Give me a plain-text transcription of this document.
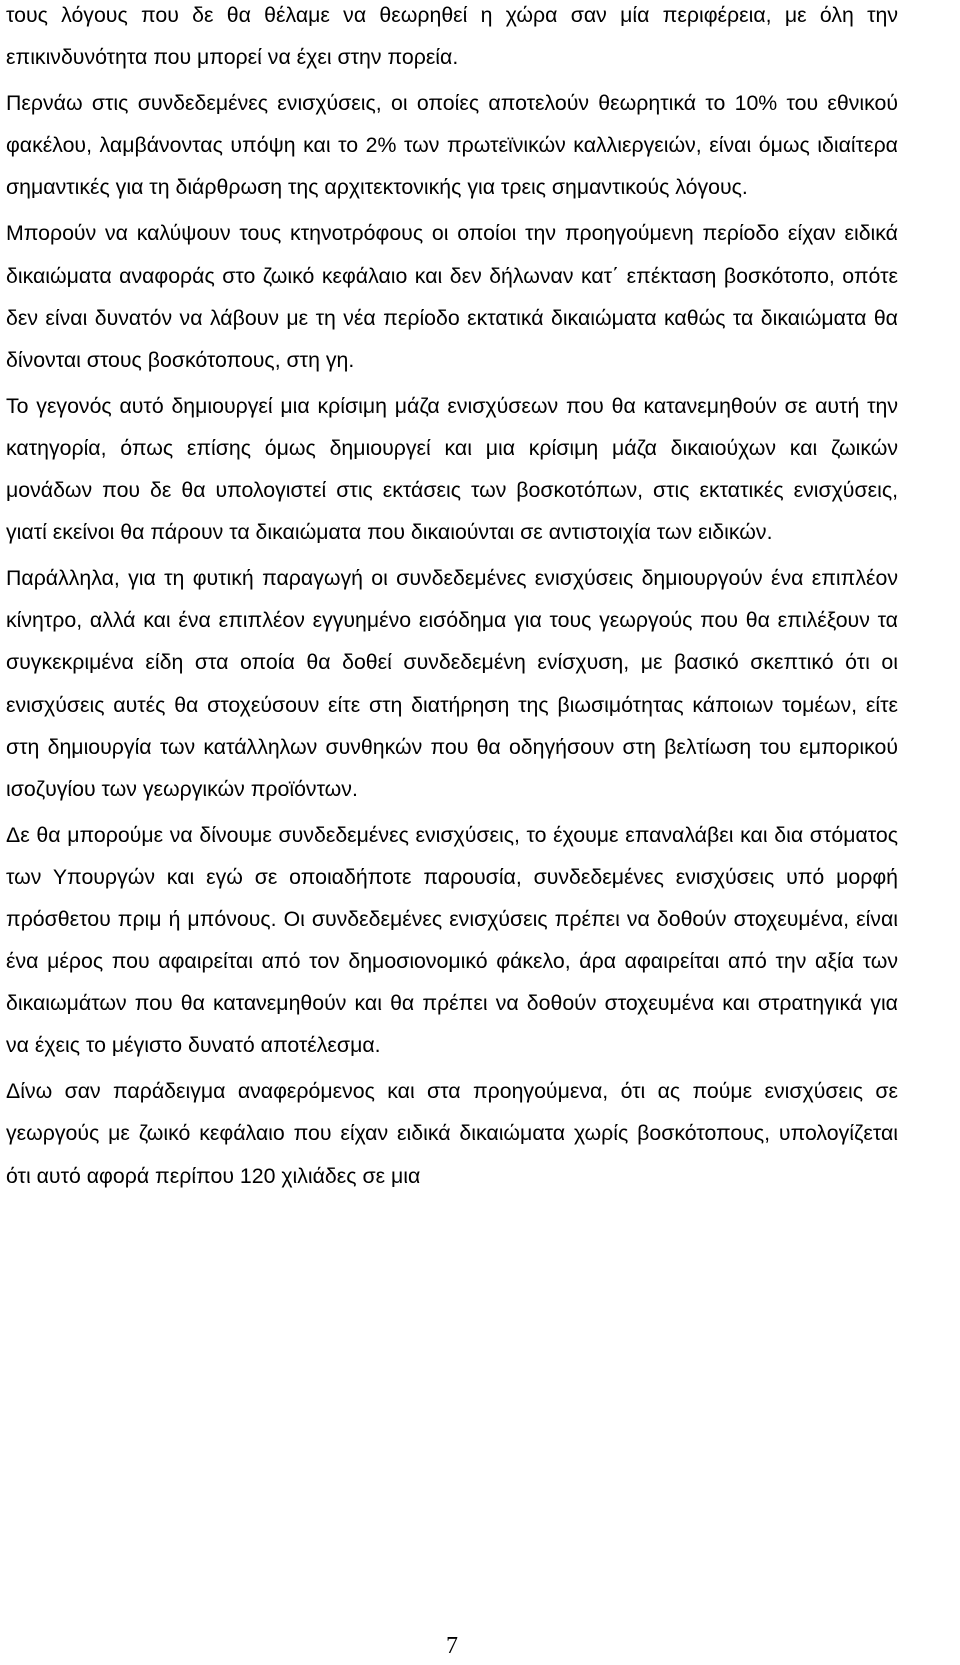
τους λόγους που δε θα θέλαμε να θεωρηθεί η χώρα σαν μία περιφέρεια, με όλη την επικινδυνότητα που μπορεί να έχει στην πορεία.

Περνάω στις συνδεδεμένες ενισχύσεις, οι οποίες αποτελούν θεωρητικά το 10% του εθνικού φακέλου, λαμβάνοντας υπόψη και το 2% των πρωτεϊνικών καλλιεργειών, είναι όμως ιδιαίτερα σημαντικές για τη διάρθρωση της αρχιτεκτονικής για τρεις σημαντικούς λόγους.

Μπορούν να καλύψουν τους κτηνοτρόφους οι οποίοι την προηγούμενη περίοδο είχαν ειδικά δικαιώματα αναφοράς στο ζωικό κεφάλαιο και δεν δήλωναν κατ΄ επέκταση βοσκότοπο, οπότε δεν είναι δυνατόν να λάβουν με τη νέα περίοδο εκτατικά δικαιώματα καθώς τα δικαιώματα θα δίνονται στους βοσκότοπους, στη γη.

Το γεγονός αυτό δημιουργεί μια κρίσιμη μάζα ενισχύσεων που θα κατανεμηθούν σε αυτή την κατηγορία, όπως επίσης όμως δημιουργεί και μια κρίσιμη μάζα δικαιούχων και ζωικών μονάδων που δε θα υπολογιστεί στις εκτάσεις των βοσκοτόπων, στις εκτατικές ενισχύσεις, γιατί εκείνοι θα πάρουν τα δικαιώματα που δικαιούνται σε αντιστοιχία των ειδικών.

Παράλληλα, για τη φυτική παραγωγή οι συνδεδεμένες ενισχύσεις δημιουργούν ένα επιπλέον κίνητρο, αλλά και ένα επιπλέον εγγυημένο εισόδημα για τους γεωργούς που θα επιλέξουν τα συγκεκριμένα είδη στα οποία θα δοθεί συνδεδεμένη ενίσχυση, με βασικό σκεπτικό ότι οι ενισχύσεις αυτές θα στοχεύσουν είτε στη διατήρηση της βιωσιμότητας κάποιων τομέων, είτε στη δημιουργία των κατάλληλων συνθηκών που θα οδηγήσουν στη βελτίωση του εμπορικού ισοζυγίου των γεωργικών προϊόντων.

Δε θα μπορούμε να δίνουμε συνδεδεμένες ενισχύσεις, το έχουμε επαναλάβει και δια στόματος των Υπουργών και εγώ σε οποιαδήποτε παρουσία, συνδεδεμένες ενισχύσεις υπό μορφή πρόσθετου πριμ ή μπόνους. Οι συνδεδεμένες ενισχύσεις πρέπει να δοθούν στοχευμένα, είναι ένα μέρος που αφαιρείται από τον δημοσιονομικό φάκελο, άρα αφαιρείται από την αξία των δικαιωμάτων που θα κατανεμηθούν και θα πρέπει να δοθούν στοχευμένα και στρατηγικά για να έχεις το μέγιστο δυνατό αποτέλεσμα.

Δίνω σαν παράδειγμα αναφερόμενος και στα προηγούμενα, ότι ας πούμε ενισχύσεις σε γεωργούς με ζωικό κεφάλαιο που είχαν ειδικά δικαιώματα χωρίς βοσκότοπους, υπολογίζεται ότι αυτό αφορά περίπου 120 χιλιάδες σε μια

7
